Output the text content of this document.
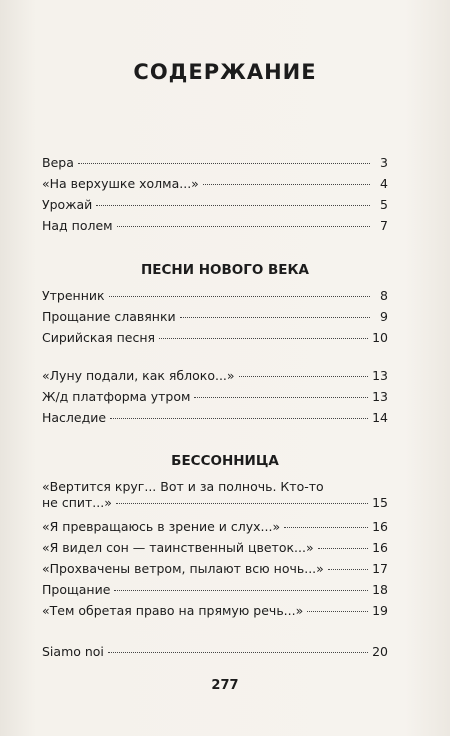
СОДЕРЖАНИЕ
Вера	3
«На верхушке холма...»	4
Урожай	5
Над полем	7
ПЕСНИ НОВОГО ВЕКА
Утренник	8
Прощание славянки	9
Сирийская песня	10
«Луну подали, как яблоко...»	13
Ж/д платформа утром	13
Наследие	14
БЕССОННИЦА
«Вертится круг... Вот и за полночь. Кто-то
не спит...»	15
«Я превращаюсь в зрение и слух...»	16
«Я видел сон — таинственный цветок...»	16
«Прохвачены ветром, пылают всю ночь...»	17
Прощание	18
«Тем обретая право на прямую речь...»	19
Siamo noi	20
277
